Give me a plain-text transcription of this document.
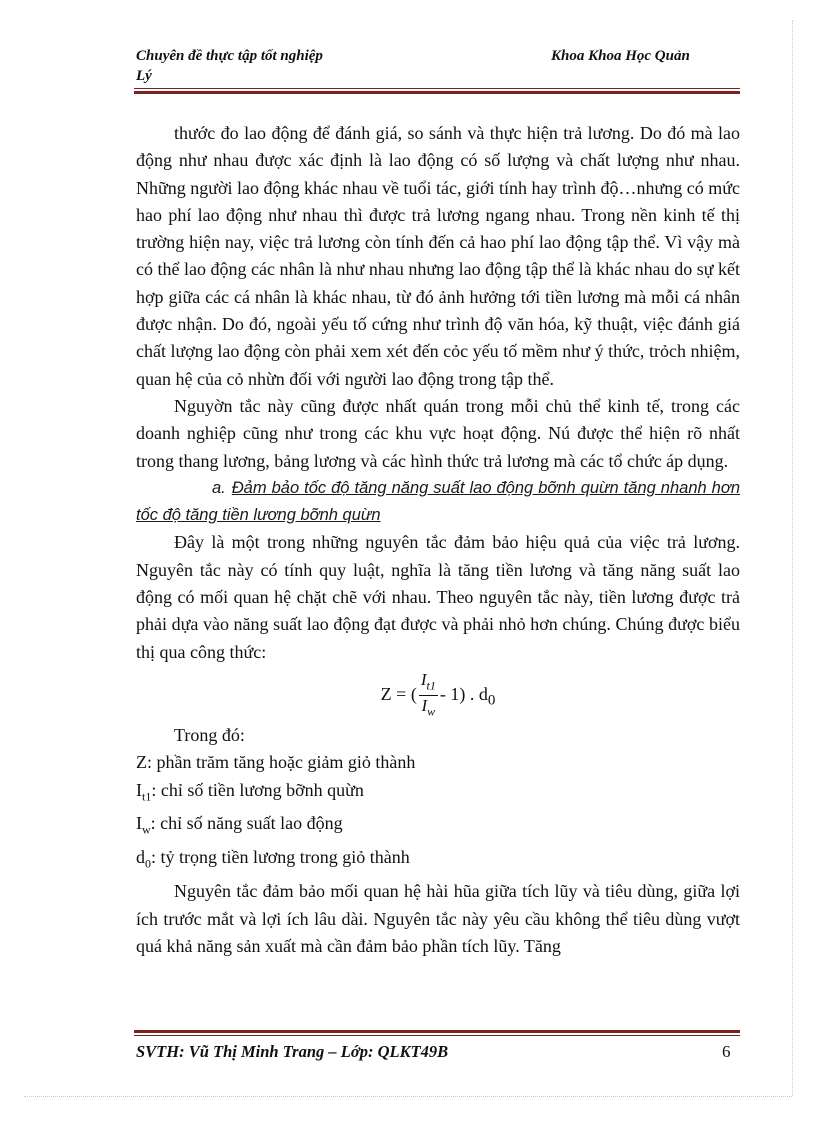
Chuyên đề thực tập tốt nghiệp
Lý
Khoa Khoa Học Quản

thước đo lao động để đánh giá, so sánh và thực hiện trả lương. Do đó mà lao động như nhau được xác định là lao động có số lượng và chất lượng như nhau. Những người lao động khác nhau về tuổi tác, giới tính hay trình độ…nhưng có mức hao phí lao động như nhau thì được trả lương ngang nhau. Trong nền kinh tế thị trường hiện nay, việc trả lương còn tính đến cả hao phí lao động tập thể. Vì vậy mà có thể lao động các nhân là như nhau nhưng lao động tập thể là khác nhau do sự kết hợp giữa các cá nhân là khác nhau, từ đó ảnh hưởng tới tiền lương mà mỗi cá nhân được nhận. Do đó, ngoài yếu tố cứng như trình độ văn hóa, kỹ thuật, việc đánh giá chất lượng lao động còn phải xem xét đến cỏc yếu tố mềm như ý thức, trỏch nhiệm, quan hệ của cỏ nhừn đối với người lao động trong tập thể.

Nguyờn tắc này cũng được nhất quán trong mỗi chủ thể kinh tế, trong các doanh nghiệp cũng như trong các khu vực hoạt động. Nú được thể hiện rõ nhất trong thang lương, bảng lương và các hình thức trả lương mà các tổ chức áp dụng.

a. Đảm bảo tốc độ tăng năng suất lao động bỡnh quừn tăng nhanh hơn tốc độ tăng tiền lương bỡnh quừn

Đây là một trong những nguyên tắc đảm bảo hiệu quả của việc trả lương. Nguyên tắc này có tính quy luật, nghĩa là tăng tiền lương và tăng năng suất lao động có mối quan hệ chặt chẽ với nhau. Theo nguyên tắc này, tiền lương được trả phải dựa vào năng suất lao động đạt được và phải nhỏ hơn chúng. Chúng được biểu thị qua công thức:

Z = ( $\frac{I_{t1}}{I_w} - 1$) . $d_0$

Trong đó:

Z: phần trăm tăng hoặc giảm giỏ thành

$I_{t1}$: chỉ số tiền lương bỡnh quừn

$I_w$: chỉ số năng suất lao động

$d_0$: tỷ trọng tiền lương trong giỏ thành

Nguyên tắc đảm bảo mối quan hệ hài hũa giữa tích lũy và tiêu dùng, giữa lợi ích trước mắt và lợi ích lâu dài. Nguyên tắc này yêu cầu không thể tiêu dùng vượt quá khả năng sản xuất mà cần đảm bảo phần tích lũy. Tăng

SVTH: Vũ Thị Minh Trang – Lớp: QLKT49B	6
